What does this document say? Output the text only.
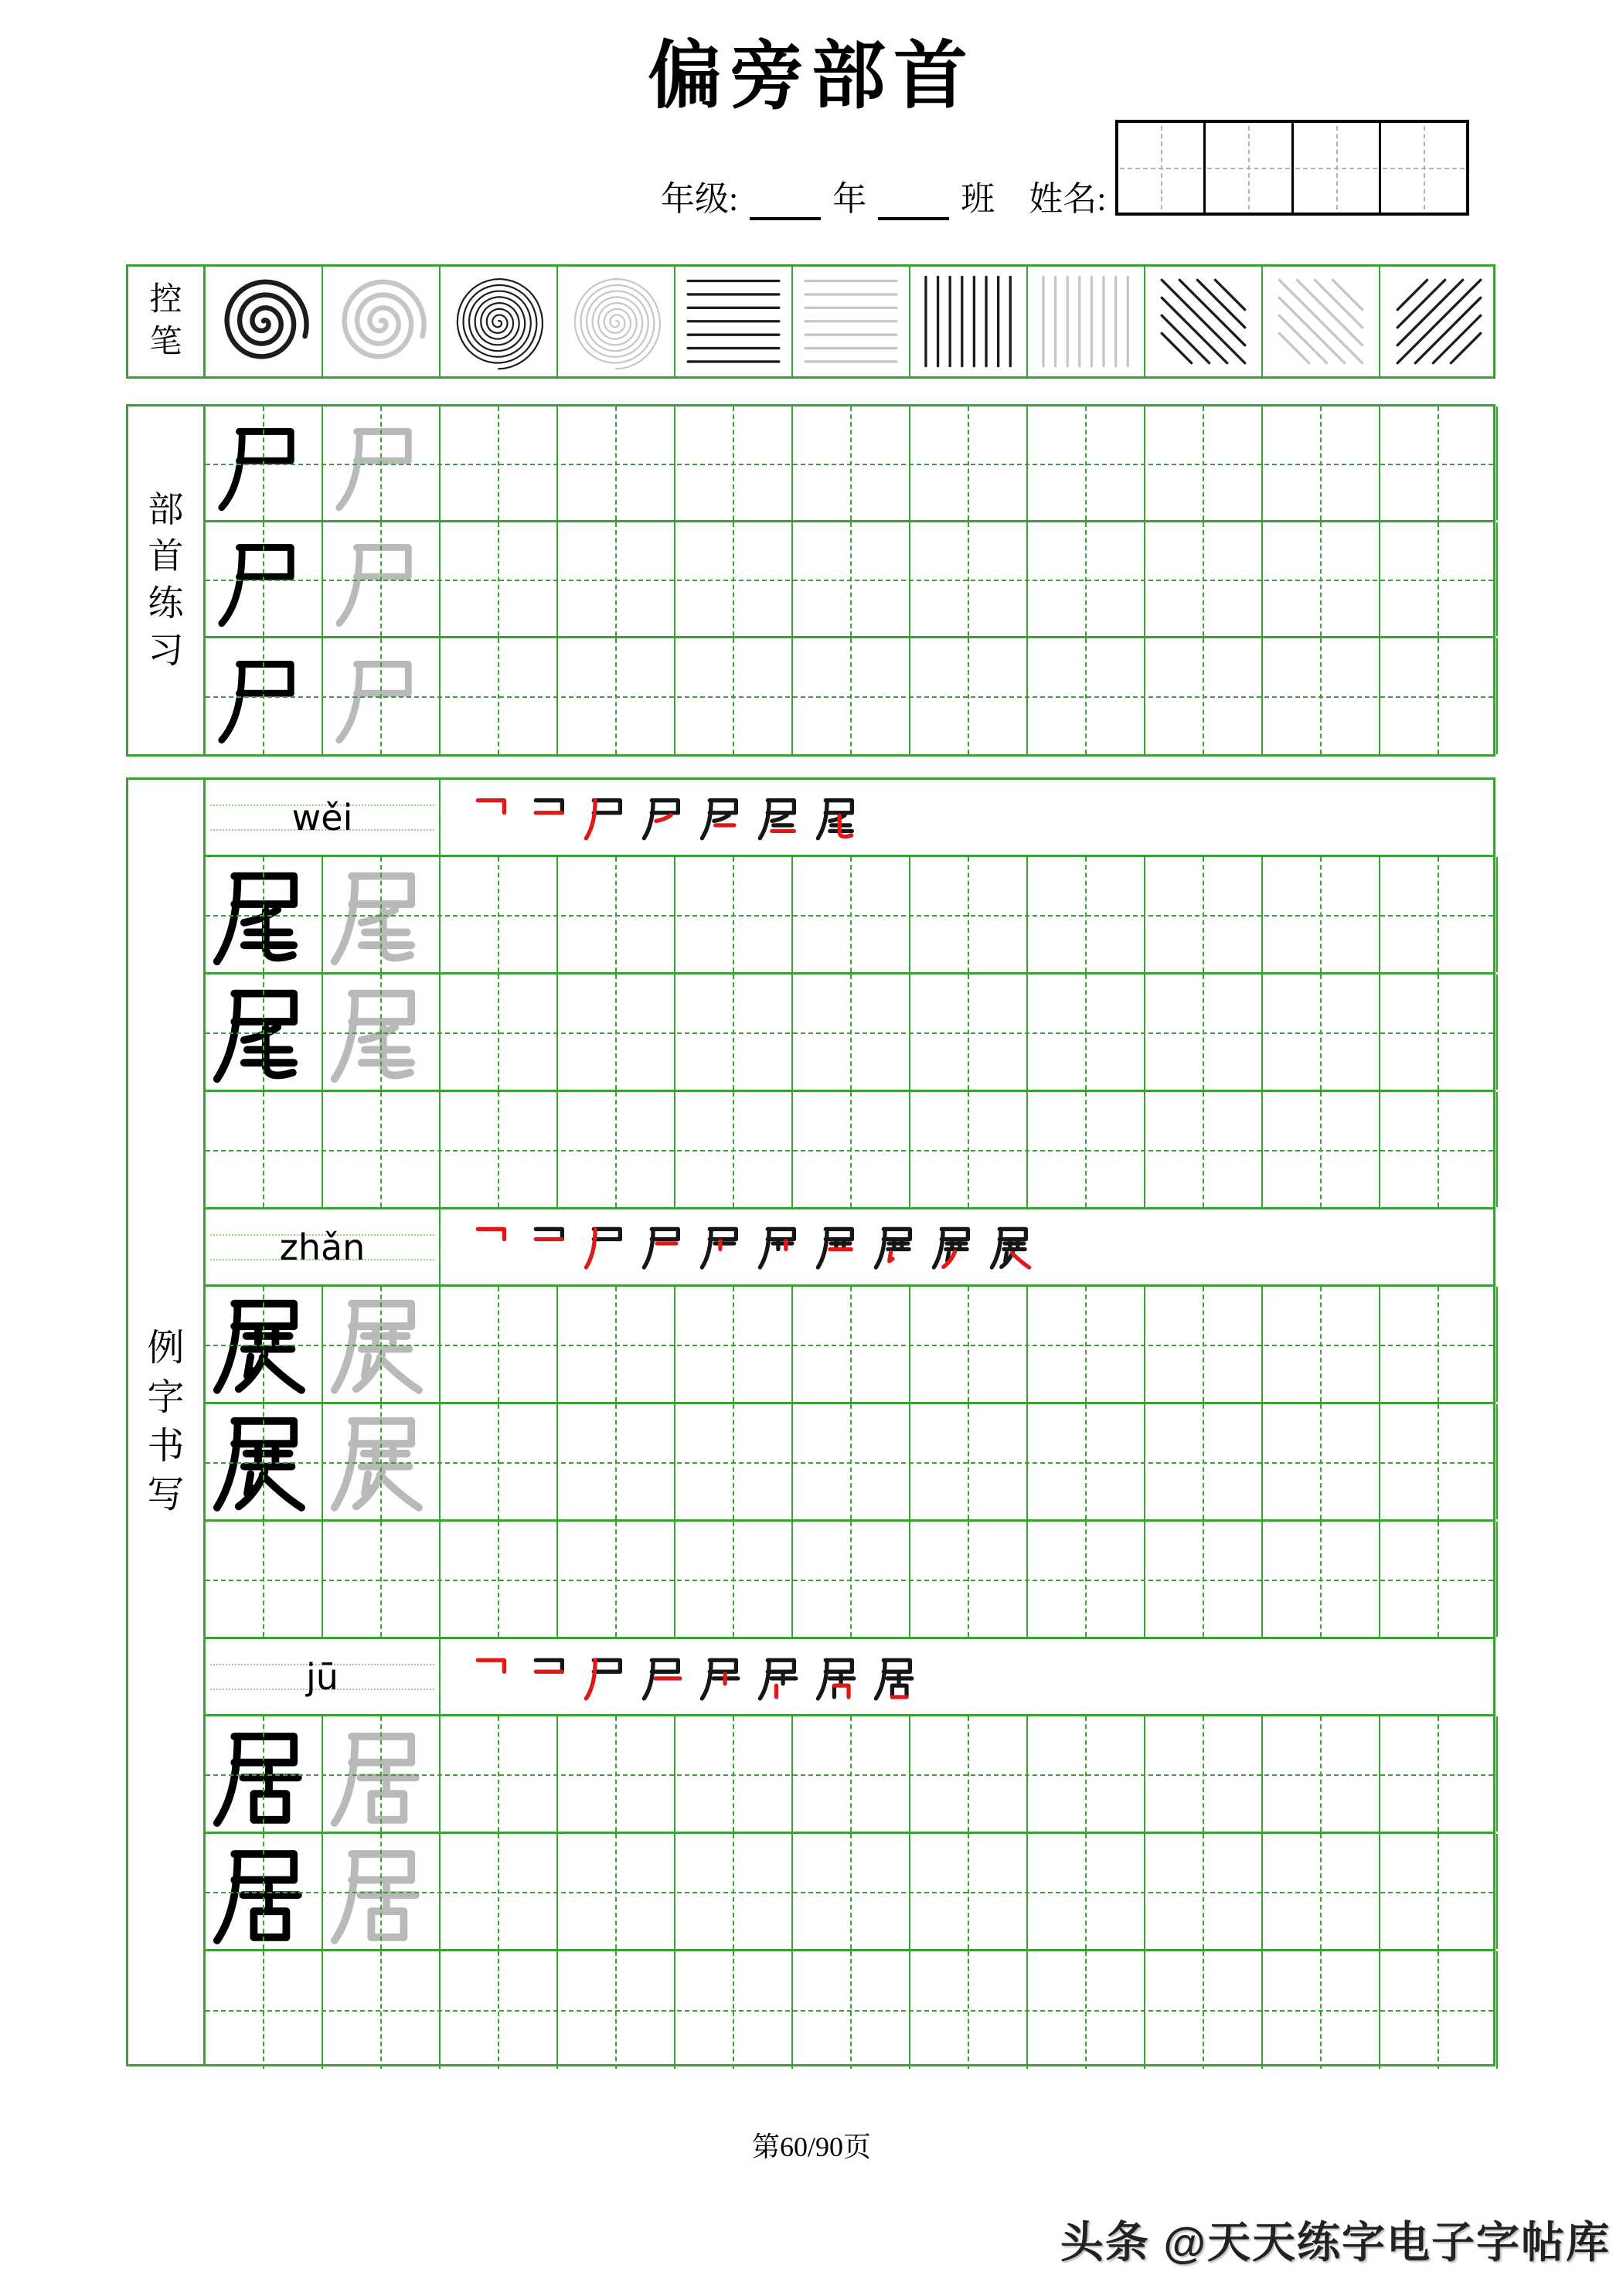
偏旁部首
年级:	年	班 姓名:
第60/90页
头条 @天天练字电子字帖库
控
笔
部
首
练
习
例
字
书
写
wěi
zhǎn
jū
